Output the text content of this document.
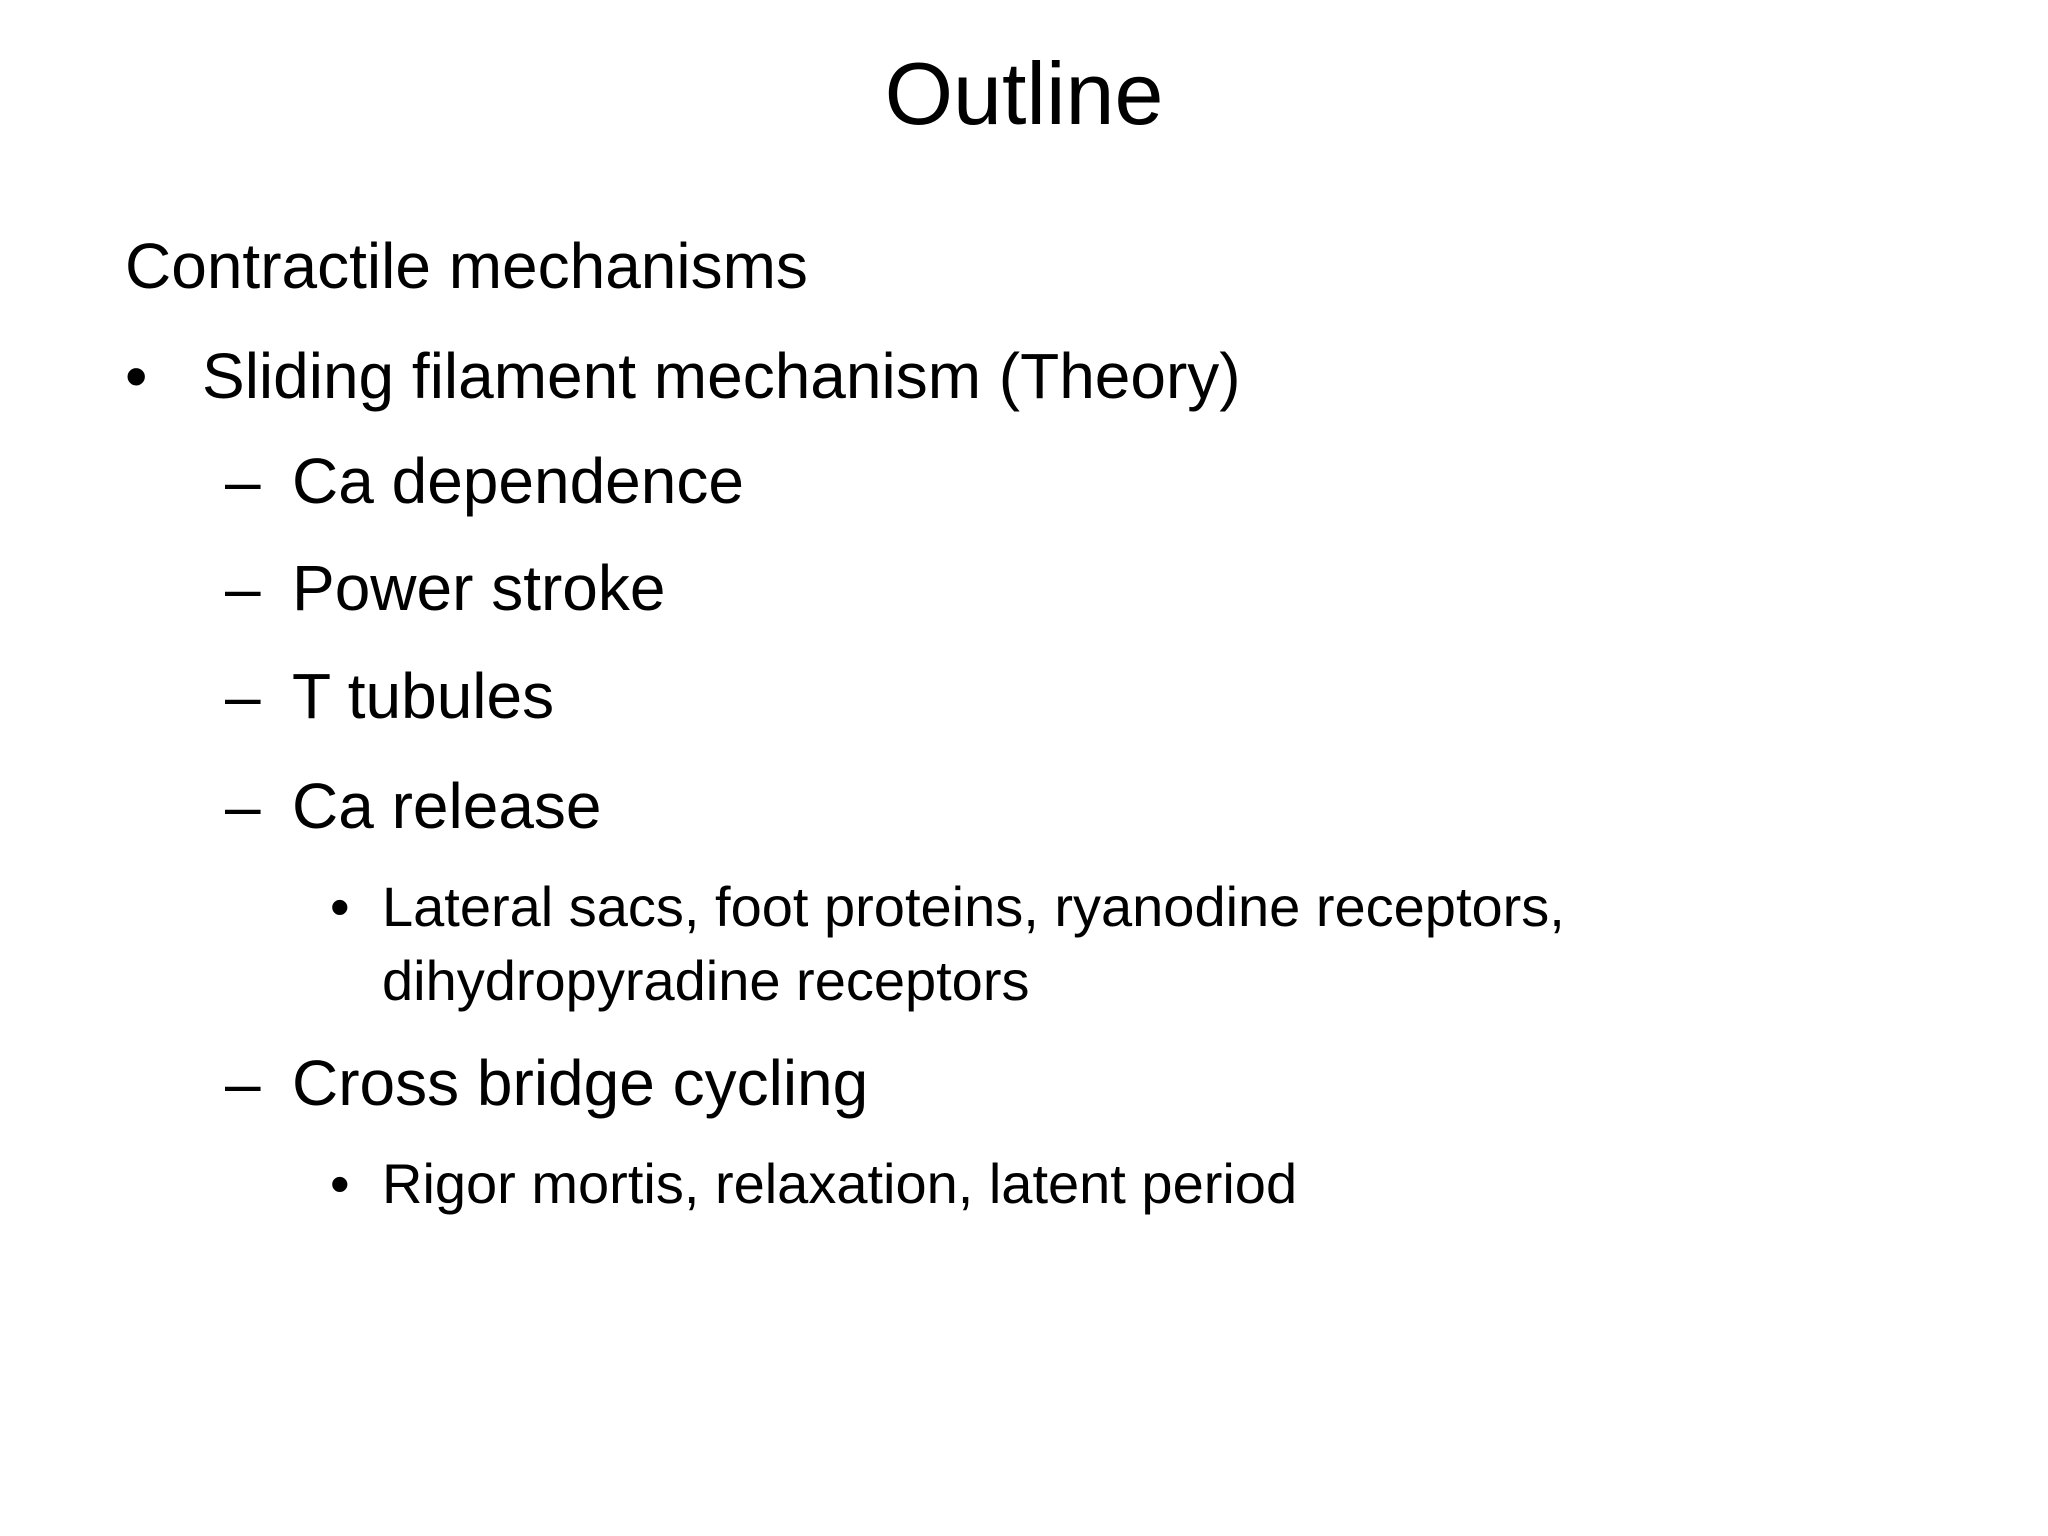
Outline
Contractile mechanisms
• Sliding filament mechanism (Theory)
– Ca dependence
– Power stroke
– T tubules
– Ca release
• Lateral sacs, foot proteins, ryanodine receptors, dihydropyradine receptors
– Cross bridge cycling
• Rigor mortis, relaxation, latent period
